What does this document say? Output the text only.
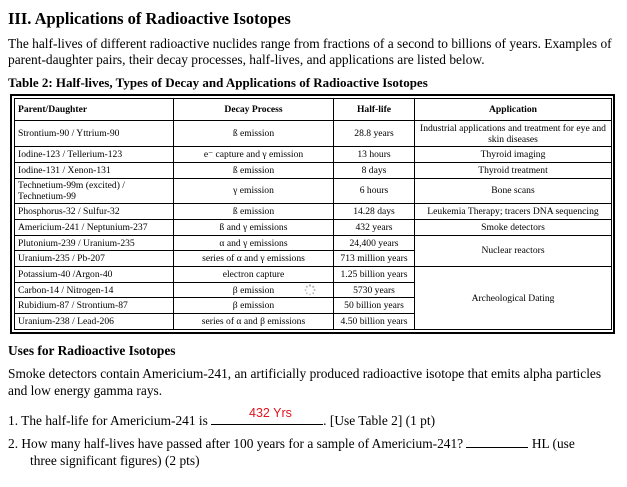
III. Applications of Radioactive Isotopes
The half-lives of different radioactive nuclides range from fractions of a second to billions of years. Examples of parent-daughter pairs, their decay processes, half-lives, and applications are listed below.
Table 2: Half-lives, Types of Decay and Applications of Radioactive Isotopes
Parent/Daughter	Decay Process	Half-life	Application
Strontium-90 / Yttrium-90	ß emission	28.8 years	Industrial applications and treatment for eye and skin diseases
Iodine-123 / Tellerium-123	e⁻ capture and γ emission	13 hours	Thyroid imaging
Iodine-131 / Xenon-131	ß emission	8 days	Thyroid treatment
Technetium-99m (excited) / Technetium-99	γ emission	6 hours	Bone scans
Phosphorus-32 / Sulfur-32	ß emission	14.28 days	Leukemia Therapy; tracers DNA sequencing
Americium-241 / Neptunium-237	ß and γ emissions	432 years	Smoke detectors
Plutonium-239 / Uranium-235	α and γ emissions	24,400 years	Nuclear reactors
Uranium-235 / Pb-207	series of α and γ emissions	713 million years	
Potassium-40 /Argon-40	electron capture	1.25 billion years	Archeological Dating
Carbon-14 / Nitrogen-14	β emission	5730 years	
Rubidium-87 / Strontium-87	β emission	50 billion years	
Uranium-238 / Lead-206	series of α and β emissions	4.50 billion years	
Uses for Radioactive Isotopes
Smoke detectors contain Americium-241, an artificially produced radioactive isotope that emits alpha particles and low energy gamma rays.
1. The half-life for Americium-241 is	. [Use Table 2] (1 pt)
432 Yrs
2. How many half-lives have passed after 100 years for a sample of Americium-241?	HL (use
three significant figures) (2 pts)
